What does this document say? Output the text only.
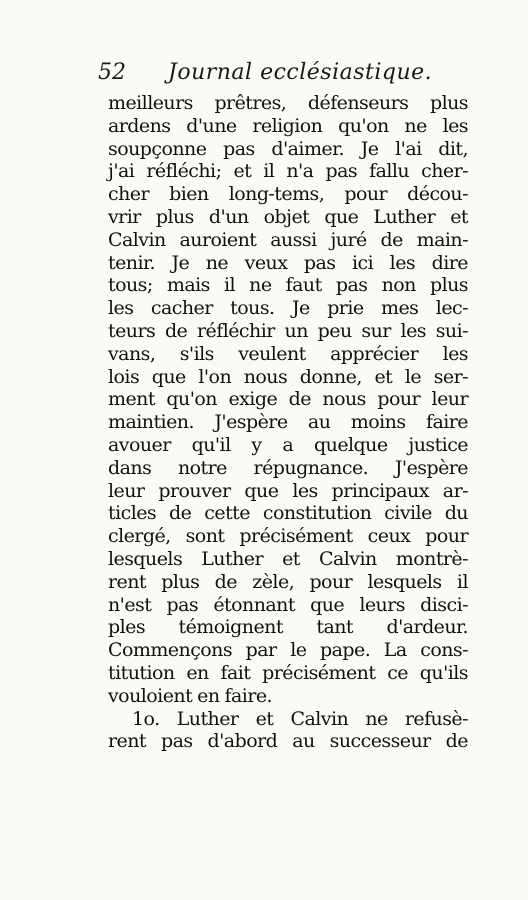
52 Journal ecclésiastique.
meilleurs prêtres, défenseurs plus
ardens d'une religion qu'on ne les
soupçonne pas d'aimer. Je l'ai dit,
j'ai réfléchi; et il n'a pas fallu cher-
cher bien long-tems, pour décou-
vrir plus d'un objet que Luther et
Calvin auroient aussi juré de main-
tenir. Je ne veux pas ici les dire
tous; mais il ne faut pas non plus
les cacher tous. Je prie mes lec-
teurs de réfléchir un peu sur les sui-
vans, s'ils veulent apprécier les
lois que l'on nous donne, et le ser-
ment qu'on exige de nous pour leur
maintien. J'espère au moins faire
avouer qu'il y a quelque justice
dans notre répugnance. J'espère
leur prouver que les principaux ar-
ticles de cette constitution civile du
clergé, sont précisément ceux pour
lesquels Luther et Calvin montrè-
rent plus de zèle, pour lesquels il
n'est pas étonnant que leurs disci-
ples témoignent tant d'ardeur.
Commençons par le pape. La cons-
titution en fait précisément ce qu'ils
vouloient en faire.
1o. Luther et Calvin ne refusè-
rent pas d'abord au successeur de
